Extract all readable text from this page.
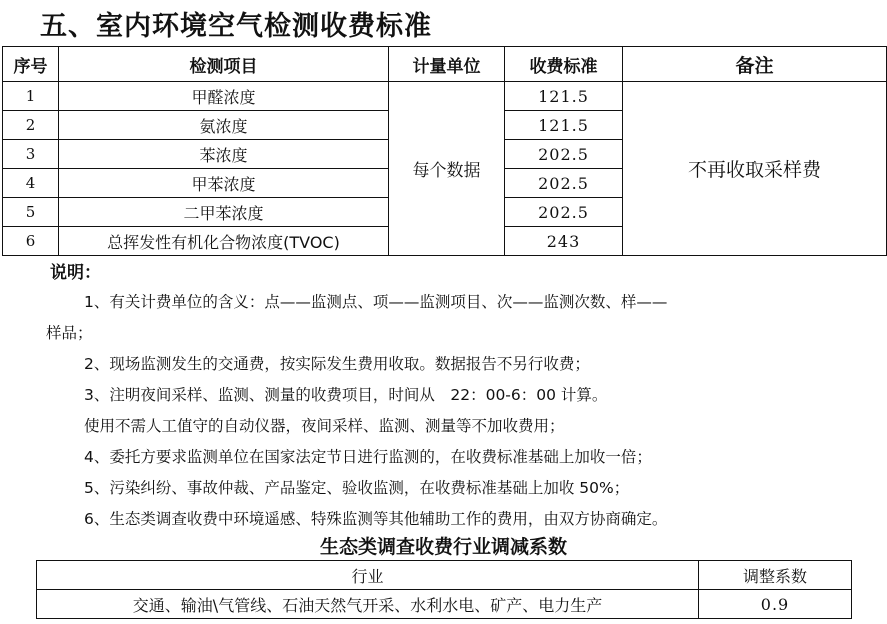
五、室内环境空气检测收费标准
序号	检测项目	计量单位	收费标准	备注
1	甲醛浓度	每个数据	121.5	不再收取采样费
2	氨浓度		121.5	
3	苯浓度		202.5	
4	甲苯浓度		202.5	
5	二甲苯浓度		202.5	
6	总挥发性有机化合物浓度(TVOC)		243	
说明：
1、有关计费单位的含义：点——监测点、项——监测项目、次——监测次数、样——
样品；
2、现场监测发生的交通费，按实际发生费用收取。数据报告不另行收费；
3、注明夜间采样、监测、测量的收费项目，时间从　22：00-6：00 计算。
使用不需人工值守的自动仪器，夜间采样、监测、测量等不加收费用；
4、委托方要求监测单位在国家法定节日进行监测的，在收费标准基础上加收一倍；
5、污染纠纷、事故仲裁、产品鉴定、验收监测，在收费标准基础上加收 50%；
6、生态类调查收费中环境遥感、特殊监测等其他辅助工作的费用，由双方协商确定。
生态类调查收费行业调减系数
行业	调整系数
交通、输油\气管线、石油天然气开采、水利水电、矿产、电力生产	0.9
